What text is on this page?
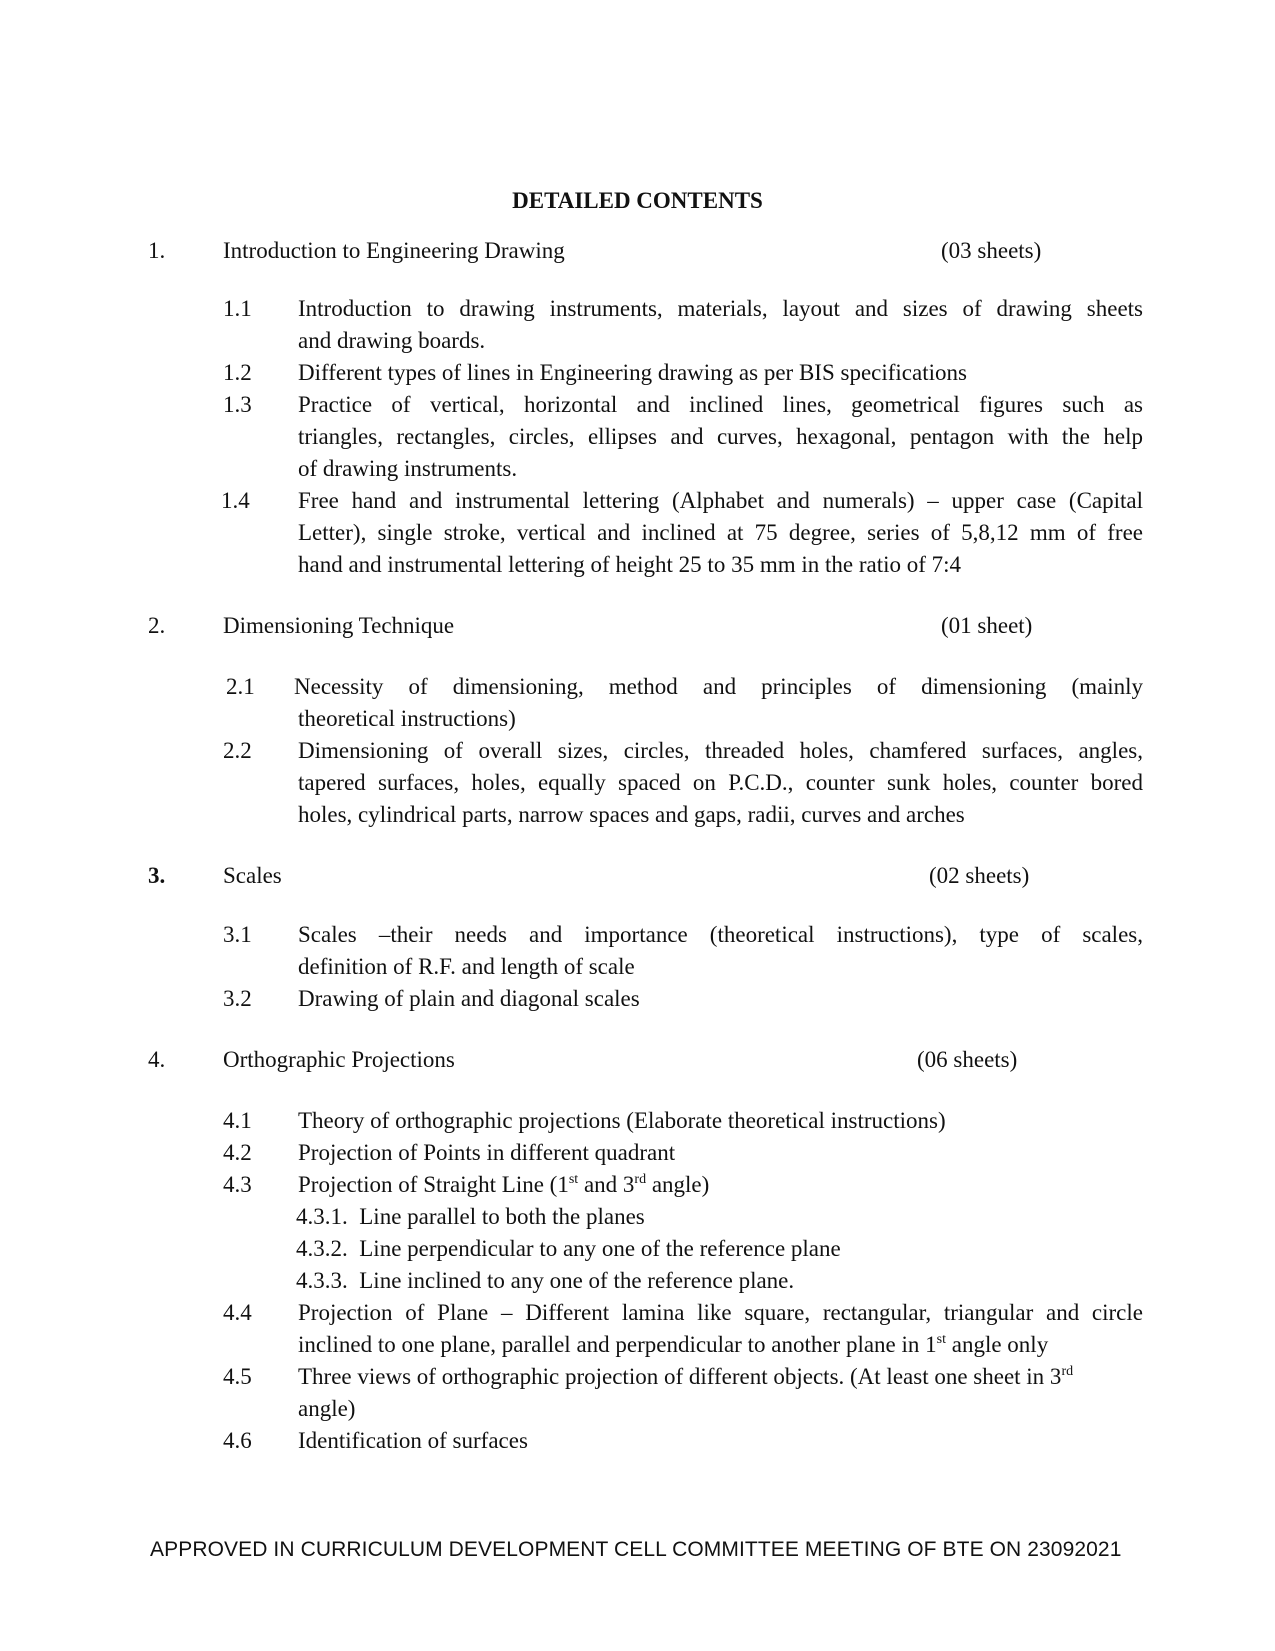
DETAILED CONTENTS
1.	Introduction to Engineering Drawing	(03 sheets)
1.1 Introduction to drawing instruments, materials, layout and sizes of drawing sheets
and drawing boards.
1.2 Different types of lines in Engineering drawing as per BIS specifications
1.3 Practice of vertical, horizontal and inclined lines, geometrical figures such as
triangles, rectangles, circles, ellipses and curves, hexagonal, pentagon with the help
of drawing instruments.
1.4 Free hand and instrumental lettering (Alphabet and numerals) – upper case (Capital
Letter), single stroke, vertical and inclined at 75 degree, series of 5,8,12 mm of free
hand and instrumental lettering of height 25 to 35 mm in the ratio of 7:4
2.	Dimensioning Technique	(01 sheet)
2.1 Necessity of dimensioning, method and principles of dimensioning (mainly
theoretical instructions)
2.2 Dimensioning of overall sizes, circles, threaded holes, chamfered surfaces, angles,
tapered surfaces, holes, equally spaced on P.C.D., counter sunk holes, counter bored
holes, cylindrical parts, narrow spaces and gaps, radii, curves and arches
3.	Scales	(02 sheets)
3.1 Scales –their needs and importance (theoretical instructions), type of scales,
definition of R.F. and length of scale
3.2 Drawing of plain and diagonal scales
4.	Orthographic Projections	(06 sheets)
4.1 Theory of orthographic projections (Elaborate theoretical instructions)
4.2 Projection of Points in different quadrant
4.3 Projection of Straight Line (1st and 3rd angle)
4.3.1. Line parallel to both the planes
4.3.2. Line perpendicular to any one of the reference plane
4.3.3. Line inclined to any one of the reference plane.
4.4 Projection of Plane – Different lamina like square, rectangular, triangular and circle
inclined to one plane, parallel and perpendicular to another plane in 1st angle only
4.5 Three views of orthographic projection of different objects. (At least one sheet in 3rd
angle)
4.6 Identification of surfaces
APPROVED IN CURRICULUM DEVELOPMENT CELL COMMITTEE MEETING OF BTE ON 23092021
